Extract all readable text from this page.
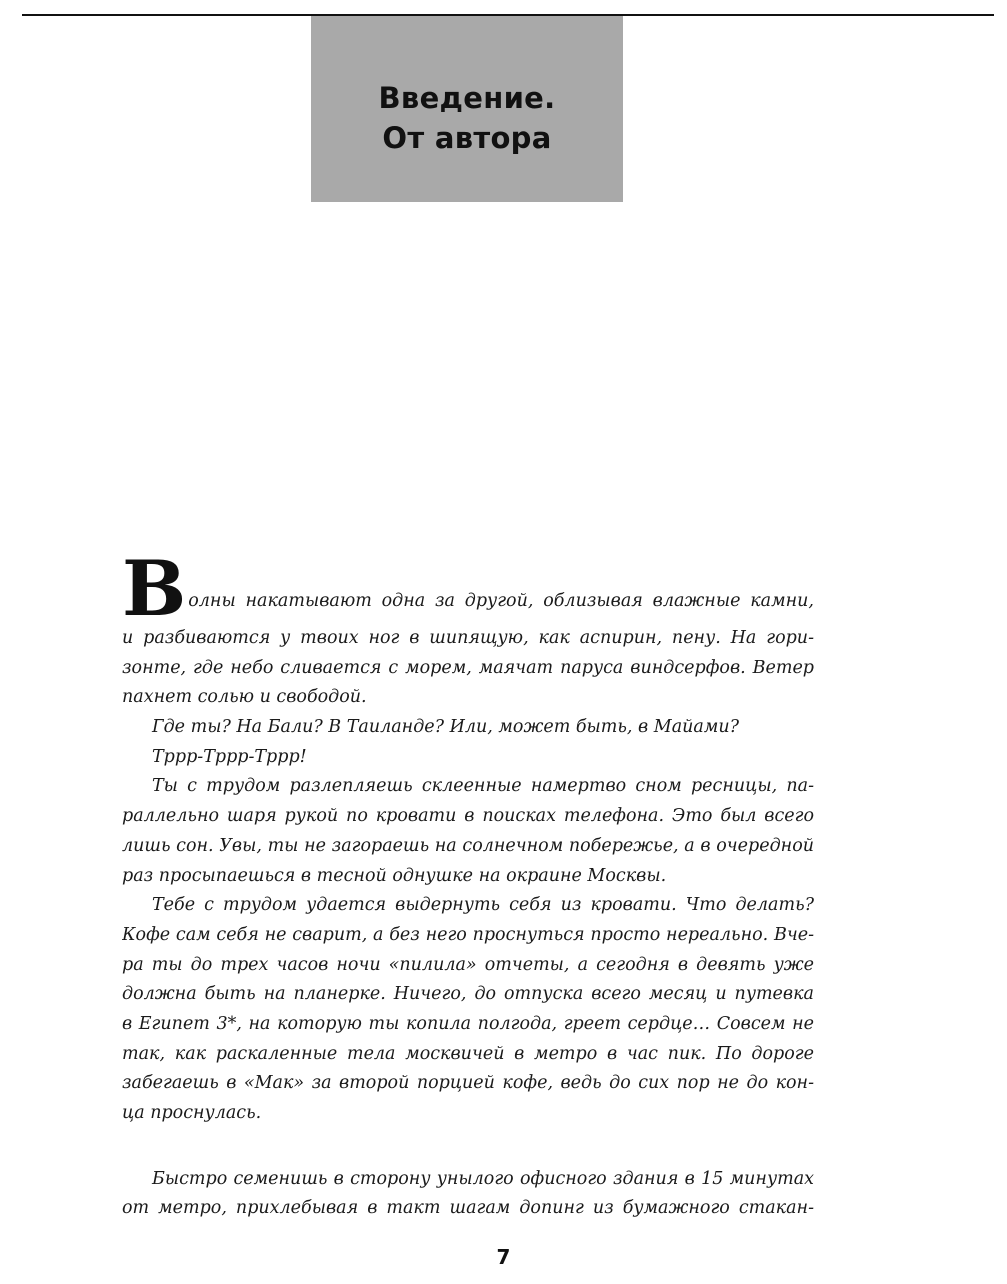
Введение.
От автора
В олны накатывают одна за другой, облизывая влажные камни,
и разбиваются у твоих ног в шипящую, как аспирин, пену. На гори-
зонте, где небо сливается с морем, маячат паруса виндсерфов. Ветер
пахнет солью и свободой.
Где ты? На Бали? В Таиланде? Или, может быть, в Майами?
Тррр-Тррр-Тррр!
Ты с трудом разлепляешь склеенные намертво сном ресницы, па-
раллельно шаря рукой по кровати в поисках телефона. Это был всего
лишь сон. Увы, ты не загораешь на солнечном побережье, а в очередной
раз просыпаешься в тесной однушке на окраине Москвы.
Тебе с трудом удается выдернуть себя из кровати. Что делать?
Кофе сам себя не сварит, а без него проснуться просто нереально. Вче-
ра ты до трех часов ночи «пилила» отчеты, а сегодня в девять уже
должна быть на планерке. Ничего, до отпуска всего месяц и путевка
в Египет 3*, на которую ты копила полгода, греет сердце… Совсем не
так, как раскаленные тела москвичей в метро в час пик. По дороге
забегаешь в «Мак» за второй порцией кофе, ведь до сих пор не до кон-
ца проснулась.
Быстро семенишь в сторону унылого офисного здания в 15 минутах
от метро, прихлебывая в такт шагам допинг из бумажного стакан-
7
